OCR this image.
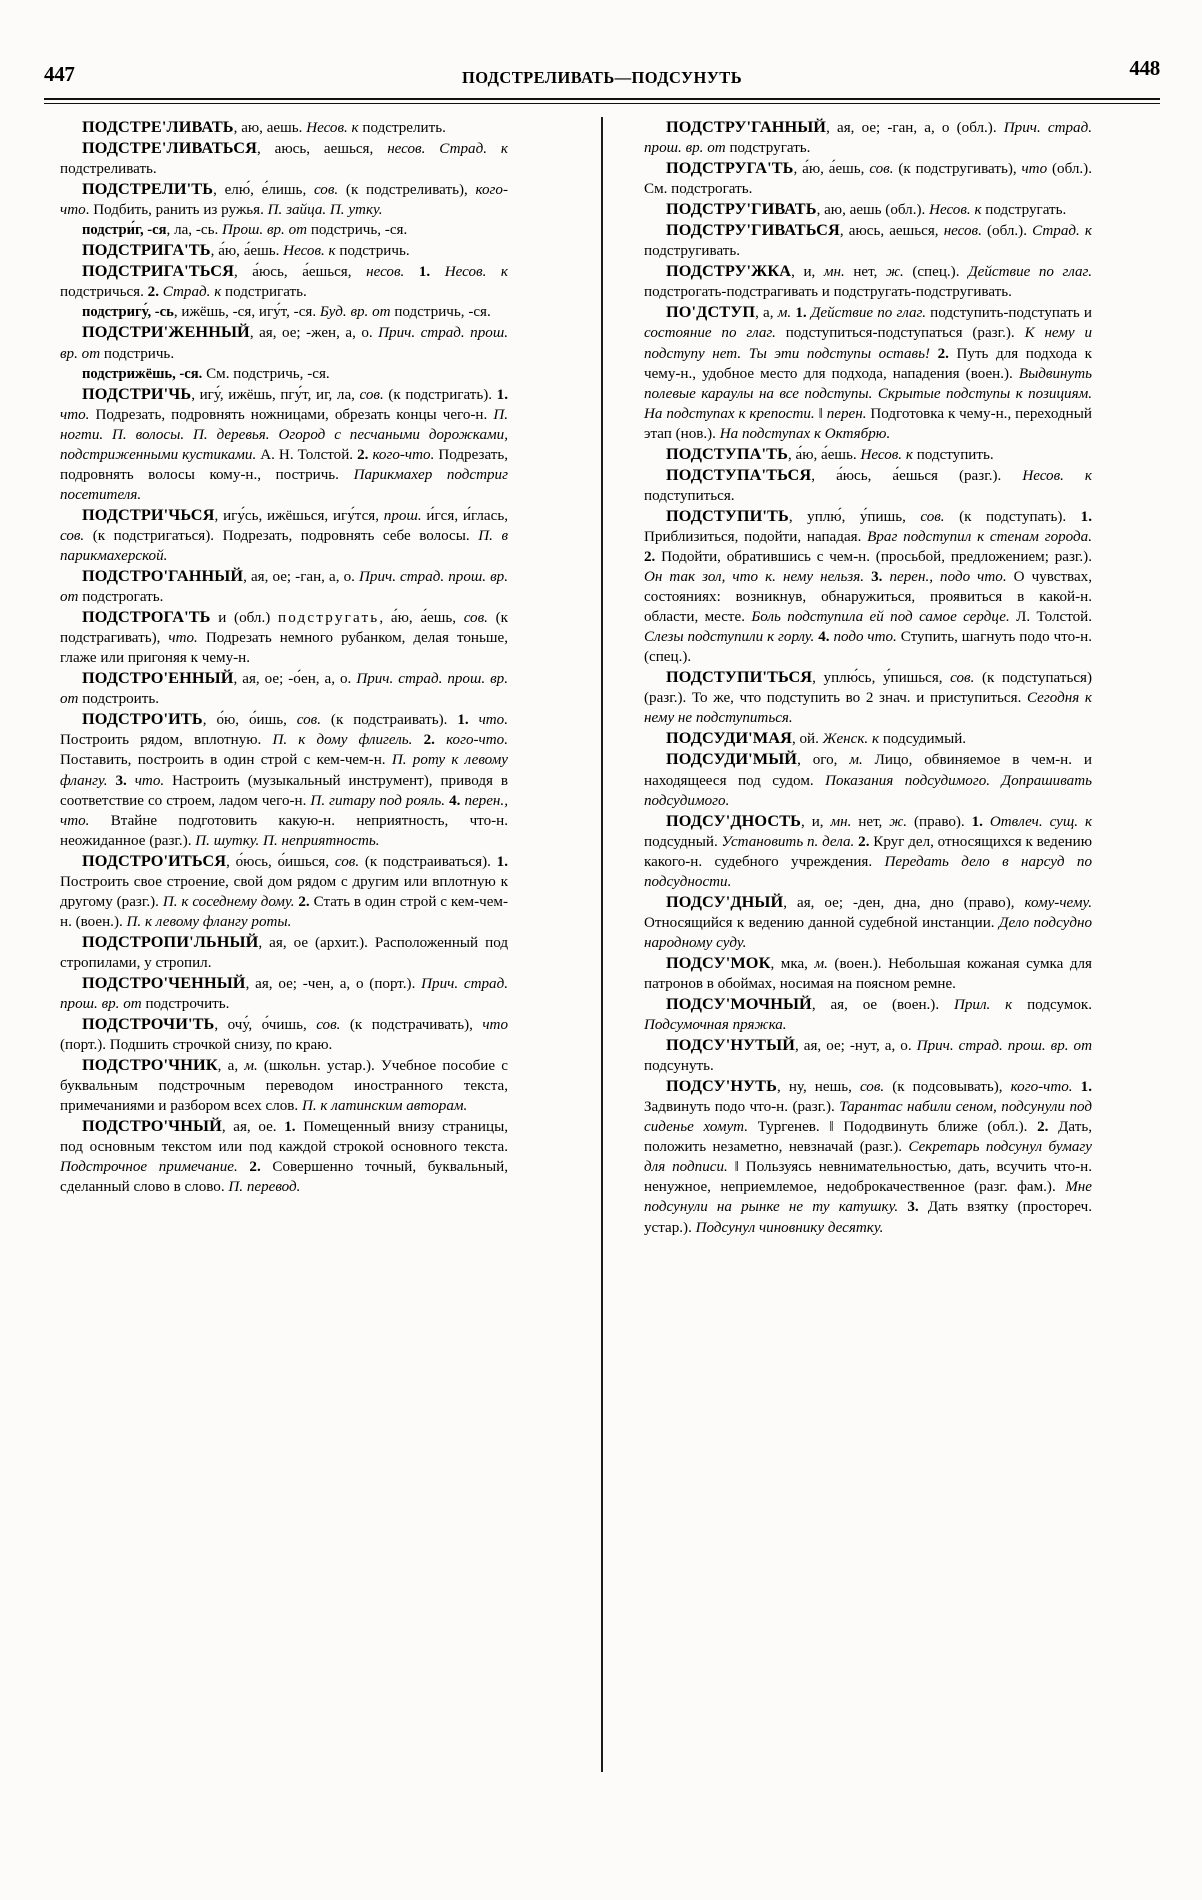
447	ПОДСТРЕЛИВАТЬ—ПОДСУНУТЬ	448

ПОДСТРЕ'ЛИВАТЬ, аю, аешь. Несов. к подстрелить.

ПОДСТРЕ'ЛИВАТЬСЯ, аюсь, аешься, несов. Страд. к подстреливать.

ПОДСТРЕЛИ'ТЬ, елю́, е́лишь, сов. (к подстреливать), кого-что. Подбить, ранить из ружья. П. зайца. П. утку.

подстри́г, -ся, ла, -сь. Прош. вр. от подстричь, -ся.

ПОДСТРИГА'ТЬ, а́ю, а́ешь. Несов. к подстричь.

ПОДСТРИГА'ТЬСЯ, а́юсь, а́ешься, несов. 1. Несов. к подстричься. 2. Страд. к подстригать.

подстригу́, -сь, ижёшь, -ся, игу́т, -ся. Буд. вр. от подстричь, -ся.

ПОДСТРИ'ЖЕННЫЙ, ая, ое; -жен, а, о. Прич. страд. прош. вр. от подстричь.

подстрижёшь, -ся. См. подстричь, -ся.

ПОДСТРИ'ЧЬ, игу́, ижёшь, пгу́т, иг, ла, сов. (к подстригать). 1. что. Подрезать, подровнять ножницами, обрезать концы чего-н. П. ногти. П. волосы. П. деревья. Огород с песчаными дорожками, подстриженными кустиками. А. Н. Толстой. 2. кого-что. Подрезать, подровнять волосы кому-н., постричь. Парикмахер подстриг посетителя.

ПОДСТРИ'ЧЬСЯ, игу́сь, ижёшься, игу́тся, прош. и́гся, и́глась, сов. (к подстригаться). Подрезать, подровнять себе волосы. П. в парикмахерской.

ПОДСТРО'ГАННЫЙ, ая, ое; -ган, а, о. Прич. страд. прош. вр. от подстрогать.

ПОДСТРОГА'ТЬ и (обл.) подстругать, а́ю, а́ешь, сов. (к подстрагивать), что. Подрезать немного рубанком, делая тоньше, глаже или пригоняя к чему-н.

ПОДСТРО'ЕННЫЙ, ая, ое; -о́ен, а, о. Прич. страд. прош. вр. от подстроить.

ПОДСТРО'ИТЬ, о́ю, о́ишь, сов. (к подстраивать). 1. что. Построить рядом, вплотную. П. к дому флигель. 2. кого-что. Поставить, построить в один строй с кем-чем-н. П. роту к левому флангу. 3. что. Настроить (музыкальный инструмент), приводя в соответствие со строем, ладом чего-н. П. гитару под рояль. 4. перен., что. Втайне подготовить какую-н. неприятность, что-н. неожиданное (разг.). П. шутку. П. неприятность.

ПОДСТРО'ИТЬСЯ, о́юсь, о́ишься, сов. (к подстраиваться). 1. Построить свое строение, свой дом рядом с другим или вплотную к другому (разг.). П. к соседнему дому. 2. Стать в один строй с кем-чем-н. (воен.). П. к левому флангу роты.

ПОДСТРОПИ'ЛЬНЫЙ, ая, ое (архит.). Расположенный под стропилами, у стропил.

ПОДСТРО'ЧЕННЫЙ, ая, ое; -чен, а, о (порт.). Прич. страд. прош. вр. от подстрочить.

ПОДСТРОЧИ'ТЬ, очу́, о́чишь, сов. (к подстрачивать), что (порт.). Подшить строчкой снизу, по краю.

ПОДСТРО'ЧНИК, а, м. (школьн. устар.). Учебное пособие с буквальным подстрочным переводом иностранного текста, примечаниями и разбором всех слов. П. к латинским авторам.

ПОДСТРО'ЧНЫЙ, ая, ое. 1. Помещенный внизу страницы, под основным текстом или под каждой строкой основного текста. Подстрочное примечание. 2. Совершенно точный, буквальный, сделанный слово в слово. П. перевод.

ПОДСТРУ'ГАННЫЙ, ая, ое; -ган, а, о (обл.). Прич. страд. прош. вр. от подстругать.

ПОДСТРУГА'ТЬ, а́ю, а́ешь, сов. (к подстругивать), что (обл.). См. подстрогать.

ПОДСТРУ'ГИВАТЬ, аю, аешь (обл.). Несов. к подстругать.

ПОДСТРУ'ГИВАТЬСЯ, аюсь, аешься, несов. (обл.). Страд. к подстругивать.

ПОДСТРУ'ЖКА, и, мн. нет, ж. (спец.). Действие по глаг. подстрогать-подстрагивать и подстругать-подстругивать.

ПО'ДСТУП, а, м. 1. Действие по глаг. подступить-подступать и состояние по глаг. подступиться-подступаться (разг.). К нему и подступу нет. Ты эти подступы оставь! 2. Путь для подхода к чему-н., удобное место для подхода, нападения (воен.). Выдвинуть полевые караулы на все подступы. Скрытые подступы к позициям. На подступах к крепости. ‖ перен. Подготовка к чему-н., переходный этап (нов.). На подступах к Октябрю.

ПОДСТУПА'ТЬ, а́ю, а́ешь. Несов. к подступить.

ПОДСТУПА'ТЬСЯ, а́юсь, а́ешься (разг.). Несов. к подступиться.

ПОДСТУПИ'ТЬ, уплю́, у́пишь, сов. (к подступать). 1. Приблизиться, подойти, нападая. Враг подступил к стенам города. 2. Подойти, обратившись с чем-н. (просьбой, предложением; разг.). Он так зол, что к. нему нельзя. 3. перен., подо что. О чувствах, состояниях: возникнув, обнаружиться, проявиться в какой-н. области, месте. Боль подступила ей под самое сердце. Л. Толстой. Слезы подступили к горлу. 4. подо что. Ступить, шагнуть подо что-н. (спец.).

ПОДСТУПИ'ТЬСЯ, уплю́сь, у́пишься, сов. (к подступаться) (разг.). То же, что подступить во 2 знач. и приступиться. Сегодня к нему не подступиться.

ПОДСУДИ'МАЯ, ой. Женск. к подсудимый.

ПОДСУДИ'МЫЙ, ого, м. Лицо, обвиняемое в чем-н. и находящееся под судом. Показания подсудимого. Допрашивать подсудимого.

ПОДСУ'ДНОСТЬ, и, мн. нет, ж. (право). 1. Отвлеч. сущ. к подсудный. Установить п. дела. 2. Круг дел, относящихся к ведению какого-н. судебного учреждения. Передать дело в нарсуд по подсудности.

ПОДСУ'ДНЫЙ, ая, ое; -ден, дна, дно (право), кому-чему. Относящийся к ведению данной судебной инстанции. Дело подсудно народному суду.

ПОДСУ'МОК, мка, м. (воен.). Небольшая кожаная сумка для патронов в обоймах, носимая на поясном ремне.

ПОДСУ'МОЧНЫЙ, ая, ое (воен.). Прил. к подсумок. Подсумочная пряжка.

ПОДСУ'НУТЫЙ, ая, ое; -нут, а, о. Прич. страд. прош. вр. от подсунуть.

ПОДСУ'НУТЬ, ну, нешь, сов. (к подсовывать), кого-что. 1. Задвинуть подо что-н. (разг.). Тарантас набили сеном, подсунули под сиденье хомут. Тургенев. ‖ Пододвинуть ближе (обл.). 2. Дать, положить незаметно, невзначай (разг.). Секретарь подсунул бумагу для подписи. ‖ Пользуясь невнимательностью, дать, всучить что-н. ненужное, неприемлемое, недоброкачественное (разг. фам.). Мне подсунули на рынке не ту катушку. 3. Дать взятку (простореч. устар.). Подсунул чиновнику десятку.
